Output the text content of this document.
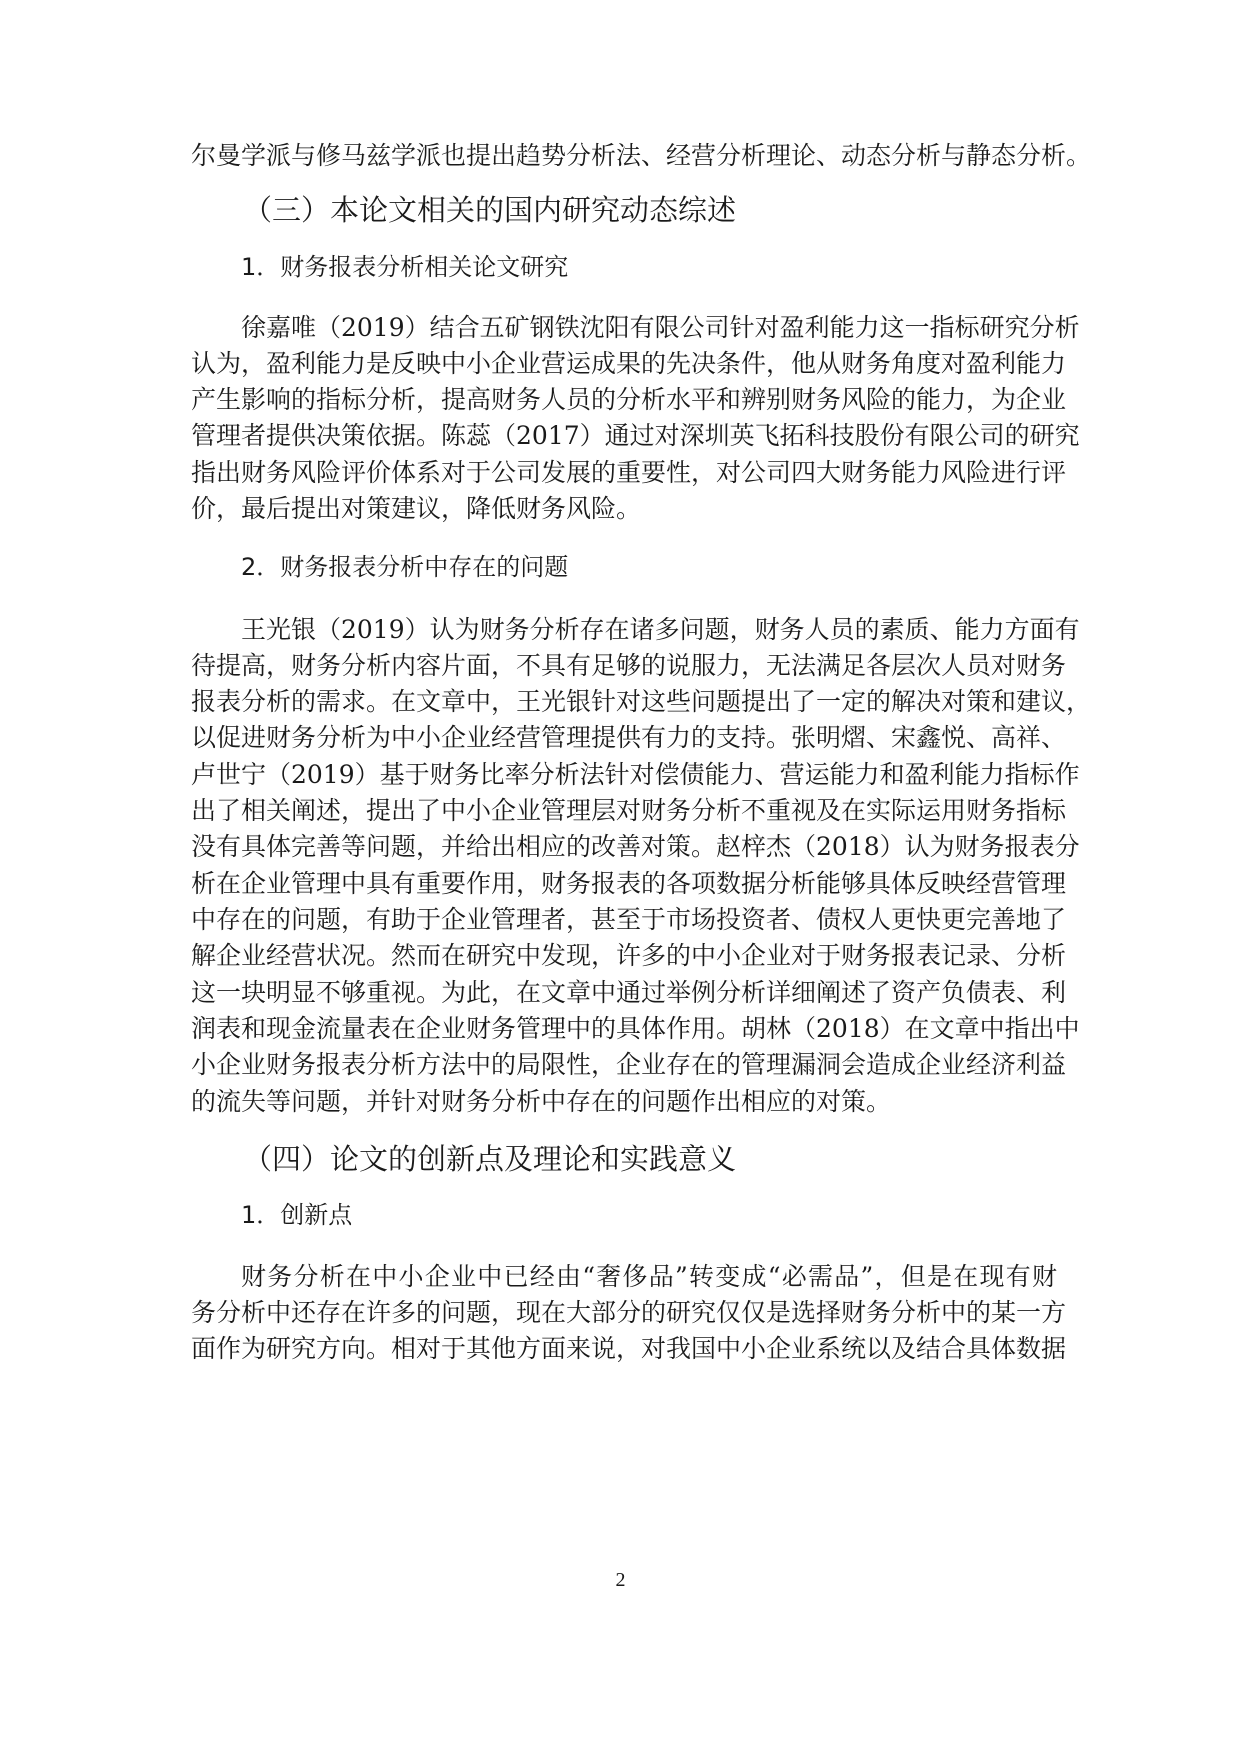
尔曼学派与修马兹学派也提出趋势分析法、经营分析理论、动态分析与静态分析。
（三）本论文相关的国内研究动态综述
1．财务报表分析相关论文研究
徐嘉唯（2019）结合五矿钢铁沈阳有限公司针对盈利能力这一指标研究分析
认为，盈利能力是反映中小企业营运成果的先决条件，他从财务角度对盈利能力
产生影响的指标分析，提高财务人员的分析水平和辨别财务风险的能力，为企业
管理者提供决策依据。陈蕊（2017）通过对深圳英飞拓科技股份有限公司的研究
指出财务风险评价体系对于公司发展的重要性，对公司四大财务能力风险进行评
价，最后提出对策建议，降低财务风险。
2．财务报表分析中存在的问题
王光银（2019）认为财务分析存在诸多问题，财务人员的素质、能力方面有
待提高，财务分析内容片面，不具有足够的说服力，无法满足各层次人员对财务
报表分析的需求。在文章中，王光银针对这些问题提出了一定的解决对策和建议，
以促进财务分析为中小企业经营管理提供有力的支持。张明熠、宋鑫悦、高祥、
卢世宁（2019）基于财务比率分析法针对偿债能力、营运能力和盈利能力指标作
出了相关阐述，提出了中小企业管理层对财务分析不重视及在实际运用财务指标
没有具体完善等问题，并给出相应的改善对策。赵梓杰（2018）认为财务报表分
析在企业管理中具有重要作用，财务报表的各项数据分析能够具体反映经营管理
中存在的问题，有助于企业管理者，甚至于市场投资者、债权人更快更完善地了
解企业经营状况。然而在研究中发现，许多的中小企业对于财务报表记录、分析
这一块明显不够重视。为此，在文章中通过举例分析详细阐述了资产负债表、利
润表和现金流量表在企业财务管理中的具体作用。胡林（2018）在文章中指出中
小企业财务报表分析方法中的局限性，企业存在的管理漏洞会造成企业经济利益
的流失等问题，并针对财务分析中存在的问题作出相应的对策。
（四）论文的创新点及理论和实践意义
1．创新点
财务分析在中小企业中已经由“奢侈品”转变成“必需品”，但是在现有财
务分析中还存在许多的问题，现在大部分的研究仅仅是选择财务分析中的某一方
面作为研究方向。相对于其他方面来说，对我国中小企业系统以及结合具体数据
2
